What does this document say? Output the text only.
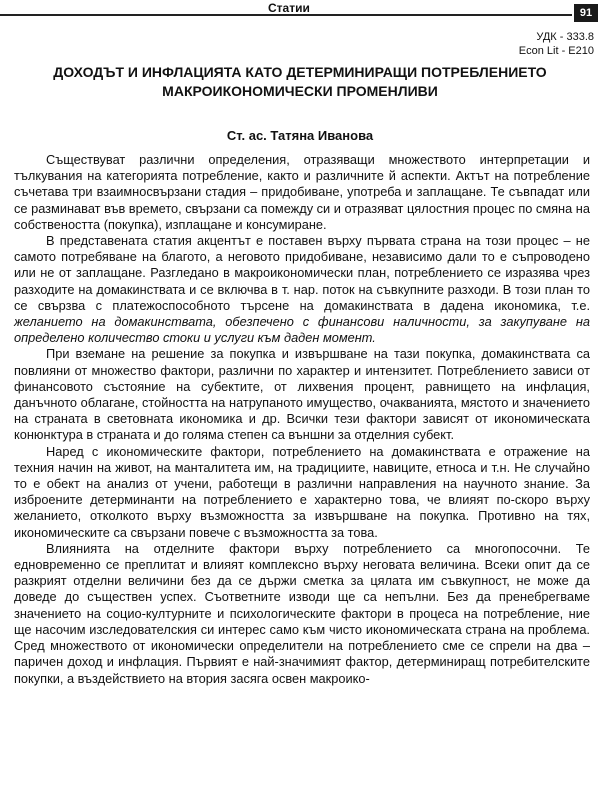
Статии	91
УДК - 333.8
Econ Lit - E210
ДОХОДЪТ И ИНФЛАЦИЯТА КАТО ДЕТЕРМИНИРАЩИ ПОТРЕБЛЕНИЕТО МАКРОИКОНОМИЧЕСКИ ПРОМЕНЛИВИ
Ст. ас. Татяна Иванова

Съществуват различни определения, отразяващи множеството интерпретации и тълкувания на категорията потребление, както и различните й аспекти. Актът на потребление съчетава три взаимносвързани стадия – придобиване, употреба и заплащане. Те съвпадат или се разминават във времето, свързани са помежду си и отразяват цялостния процес по смяна на собствеността (покупка), изплащане и консумиране.

В представената статия акцентът е поставен върху първата страна на този процес – не самото потребяване на благото, а неговото придобиване, независимо дали то е съпроводено или не от заплащане. Разгледано в макроикономически план, потреблението се изразява чрез разходите на домакинствата и се включва в т. нар. поток на съвкупните разходи. В този план то се свързва с платежоспособното търсене на домакинствата в дадена икономика, т.е. желанието на домакинствата, обезпечено с финансови наличности, за закупуване на определено количество стоки и услуги към даден момент.

При вземане на решение за покупка и извършване на тази покупка, домакинствата са повлияни от множество фактори, различни по характер и интензитет. Потреблението зависи от финансовото състояние на субектите, от лихвения процент, равнището на инфлация, данъчното облагане, стойността на натрупаното имущество, очакванията, мястото и значението на страната в световната икономика и др. Всички тези фактори зависят от икономическата конюнктура в страната и до голяма степен са външни за отделния субект.

Наред с икономическите фактори, потреблението на домакинствата е отражение на техния начин на живот, на манталитета им, на традициите, навиците, етноса и т.н. Не случайно то е обект на анализ от учени, работещи в различни направления на научното знание. За изброените детерминанти на потреблението е характерно това, че влияят по-скоро върху желанието, отколкото върху възможността за извършване на покупка. Противно на тях, икономическите са свързани повече с възможността за това.

Влиянията на отделните фактори върху потреблението са многопосочни. Те едновременно се преплитат и влияят комплексно върху неговата величина. Всеки опит да се разкрият отделни величини без да се държи сметка за цялата им съвкупност, не може да доведе до съществен успех. Съответните изводи ще са непълни. Без да пренебрегваме значението на социо-културните и психологическите фактори в процеса на потребление, ние ще насочим изследователския си интерес само към чисто икономическата страна на проблема. Сред множеството от икономически определители на потреблението сме се спрели на два – паричен доход и инфлация. Първият е най-значимият фактор, детерминиращ потребителските покупки, а въздействието на втория засяга освен макроико-
